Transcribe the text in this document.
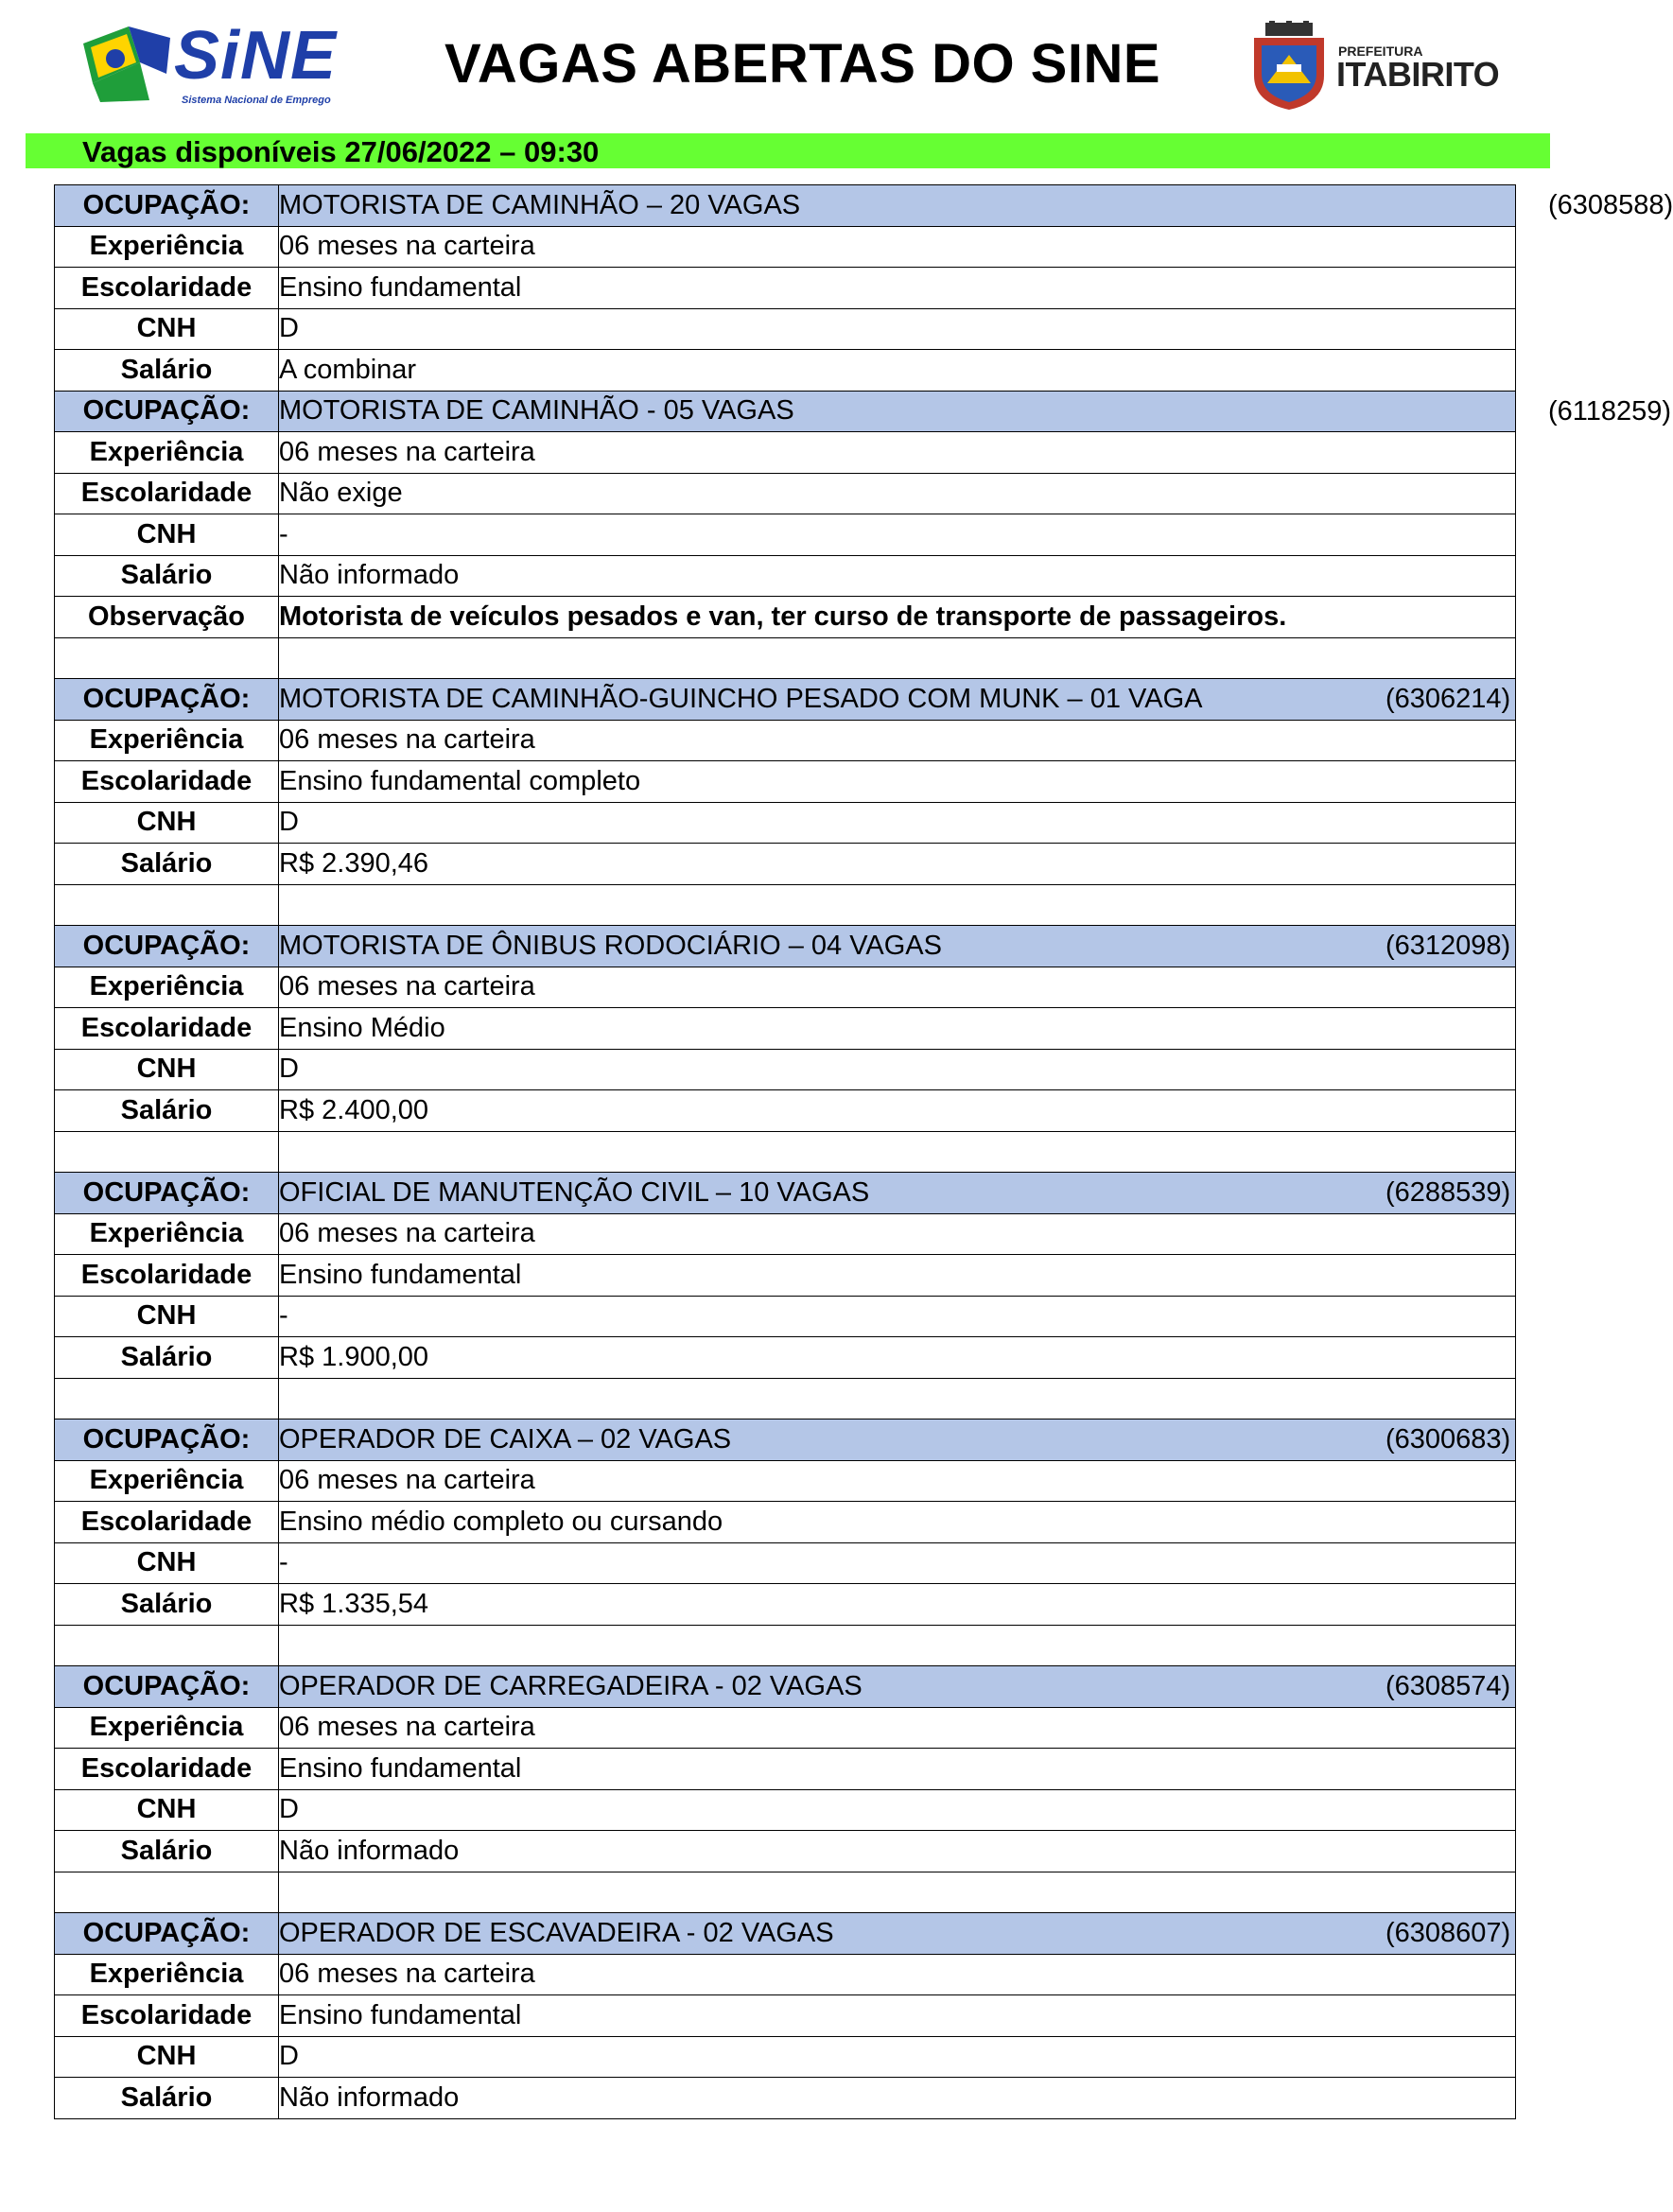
SiNE
Sistema Nacional de Emprego
VAGAS ABERTAS DO SINE	PREFEITURA
ITABIRITO
Vagas disponíveis 27/06/2022 – 09:30
OCUPAÇÃO:	MOTORISTA DE CAMINHÃO – 20 VAGAS (6308588)

Experiência	06 meses na carteira
Escolaridade	Ensino fundamental
CNH	D
Salário	A combinar
OCUPAÇÃO:	MOTORISTA DE CAMINHÃO - 05 VAGAS (6118259)

Experiência	06 meses na carteira
Escolaridade	Não exige
CNH	-
Salário	Não informado
Observação	Motorista de veículos pesados e van, ter curso de transporte de passageiros.

OCUPAÇÃO:	MOTORISTA DE CAMINHÃO-GUINCHO PESADO COM MUNK – 01 VAGA (6306214)

Experiência	06 meses na carteira
Escolaridade	Ensino fundamental completo
CNH	D
Salário	R$ 2.390,46

OCUPAÇÃO:	MOTORISTA DE ÔNIBUS RODOCIÁRIO – 04 VAGAS (6312098)

Experiência	06 meses na carteira
Escolaridade	Ensino Médio
CNH	D
Salário	R$ 2.400,00

OCUPAÇÃO:	OFICIAL DE MANUTENÇÃO CIVIL – 10 VAGAS (6288539)

Experiência	06 meses na carteira
Escolaridade	Ensino fundamental
CNH	-
Salário	R$ 1.900,00

OCUPAÇÃO:	OPERADOR DE CAIXA – 02 VAGAS (6300683)

Experiência	06 meses na carteira
Escolaridade	Ensino médio completo ou cursando
CNH	-
Salário	R$ 1.335,54

OCUPAÇÃO:	OPERADOR DE CARREGADEIRA - 02 VAGAS (6308574)

Experiência	06 meses na carteira
Escolaridade	Ensino fundamental
CNH	D
Salário	Não informado

OCUPAÇÃO:	OPERADOR DE ESCAVADEIRA - 02 VAGAS (6308607)

Experiência	06 meses na carteira
Escolaridade	Ensino fundamental
CNH	D
Salário	Não informado
